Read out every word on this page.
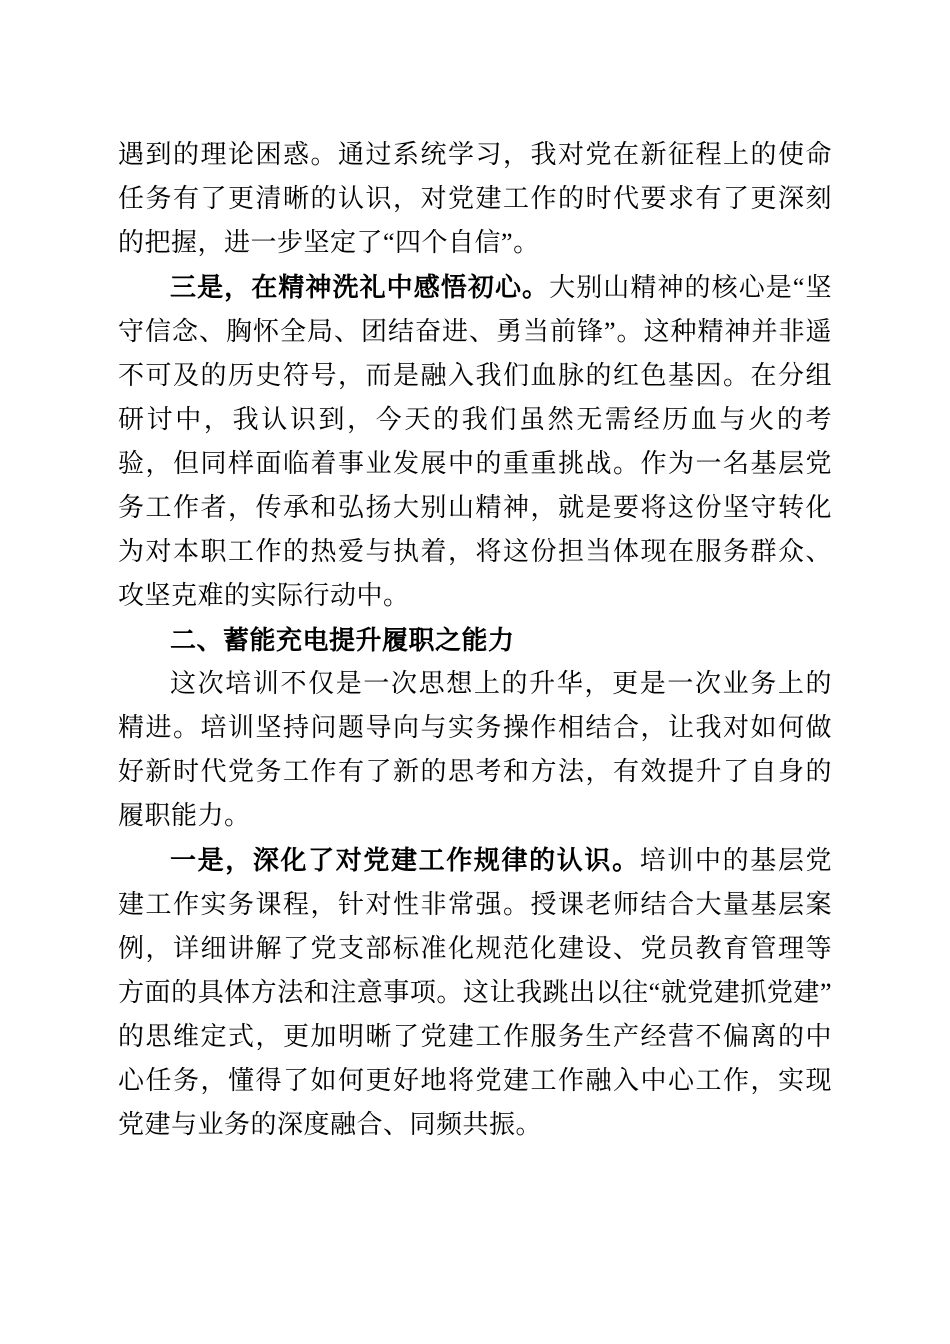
遇到的理论困惑。通过系统学习，我对党在新征程上的使命任务有了更清晰的认识，对党建工作的时代要求有了更深刻的把握，进一步坚定了“四个自信”。

三是，在精神洗礼中感悟初心。大别山精神的核心是“坚守信念、胸怀全局、团结奋进、勇当前锋”。这种精神并非遥不可及的历史符号，而是融入我们血脉的红色基因。在分组研讨中，我认识到，今天的我们虽然无需经历血与火的考验，但同样面临着事业发展中的重重挑战。作为一名基层党务工作者，传承和弘扬大别山精神，就是要将这份坚守转化为对本职工作的热爱与执着，将这份担当体现在服务群众、攻坚克难的实际行动中。

二、蓄能充电提升履职之能力

这次培训不仅是一次思想上的升华，更是一次业务上的精进。培训坚持问题导向与实务操作相结合，让我对如何做好新时代党务工作有了新的思考和方法，有效提升了自身的履职能力。

一是，深化了对党建工作规律的认识。培训中的基层党建工作实务课程，针对性非常强。授课老师结合大量基层案例，详细讲解了党支部标准化规范化建设、党员教育管理等方面的具体方法和注意事项。这让我跳出以往“就党建抓党建”的思维定式，更加明晰了党建工作服务生产经营不偏离的中心任务，懂得了如何更好地将党建工作融入中心工作，实现党建与业务的深度融合、同频共振。
